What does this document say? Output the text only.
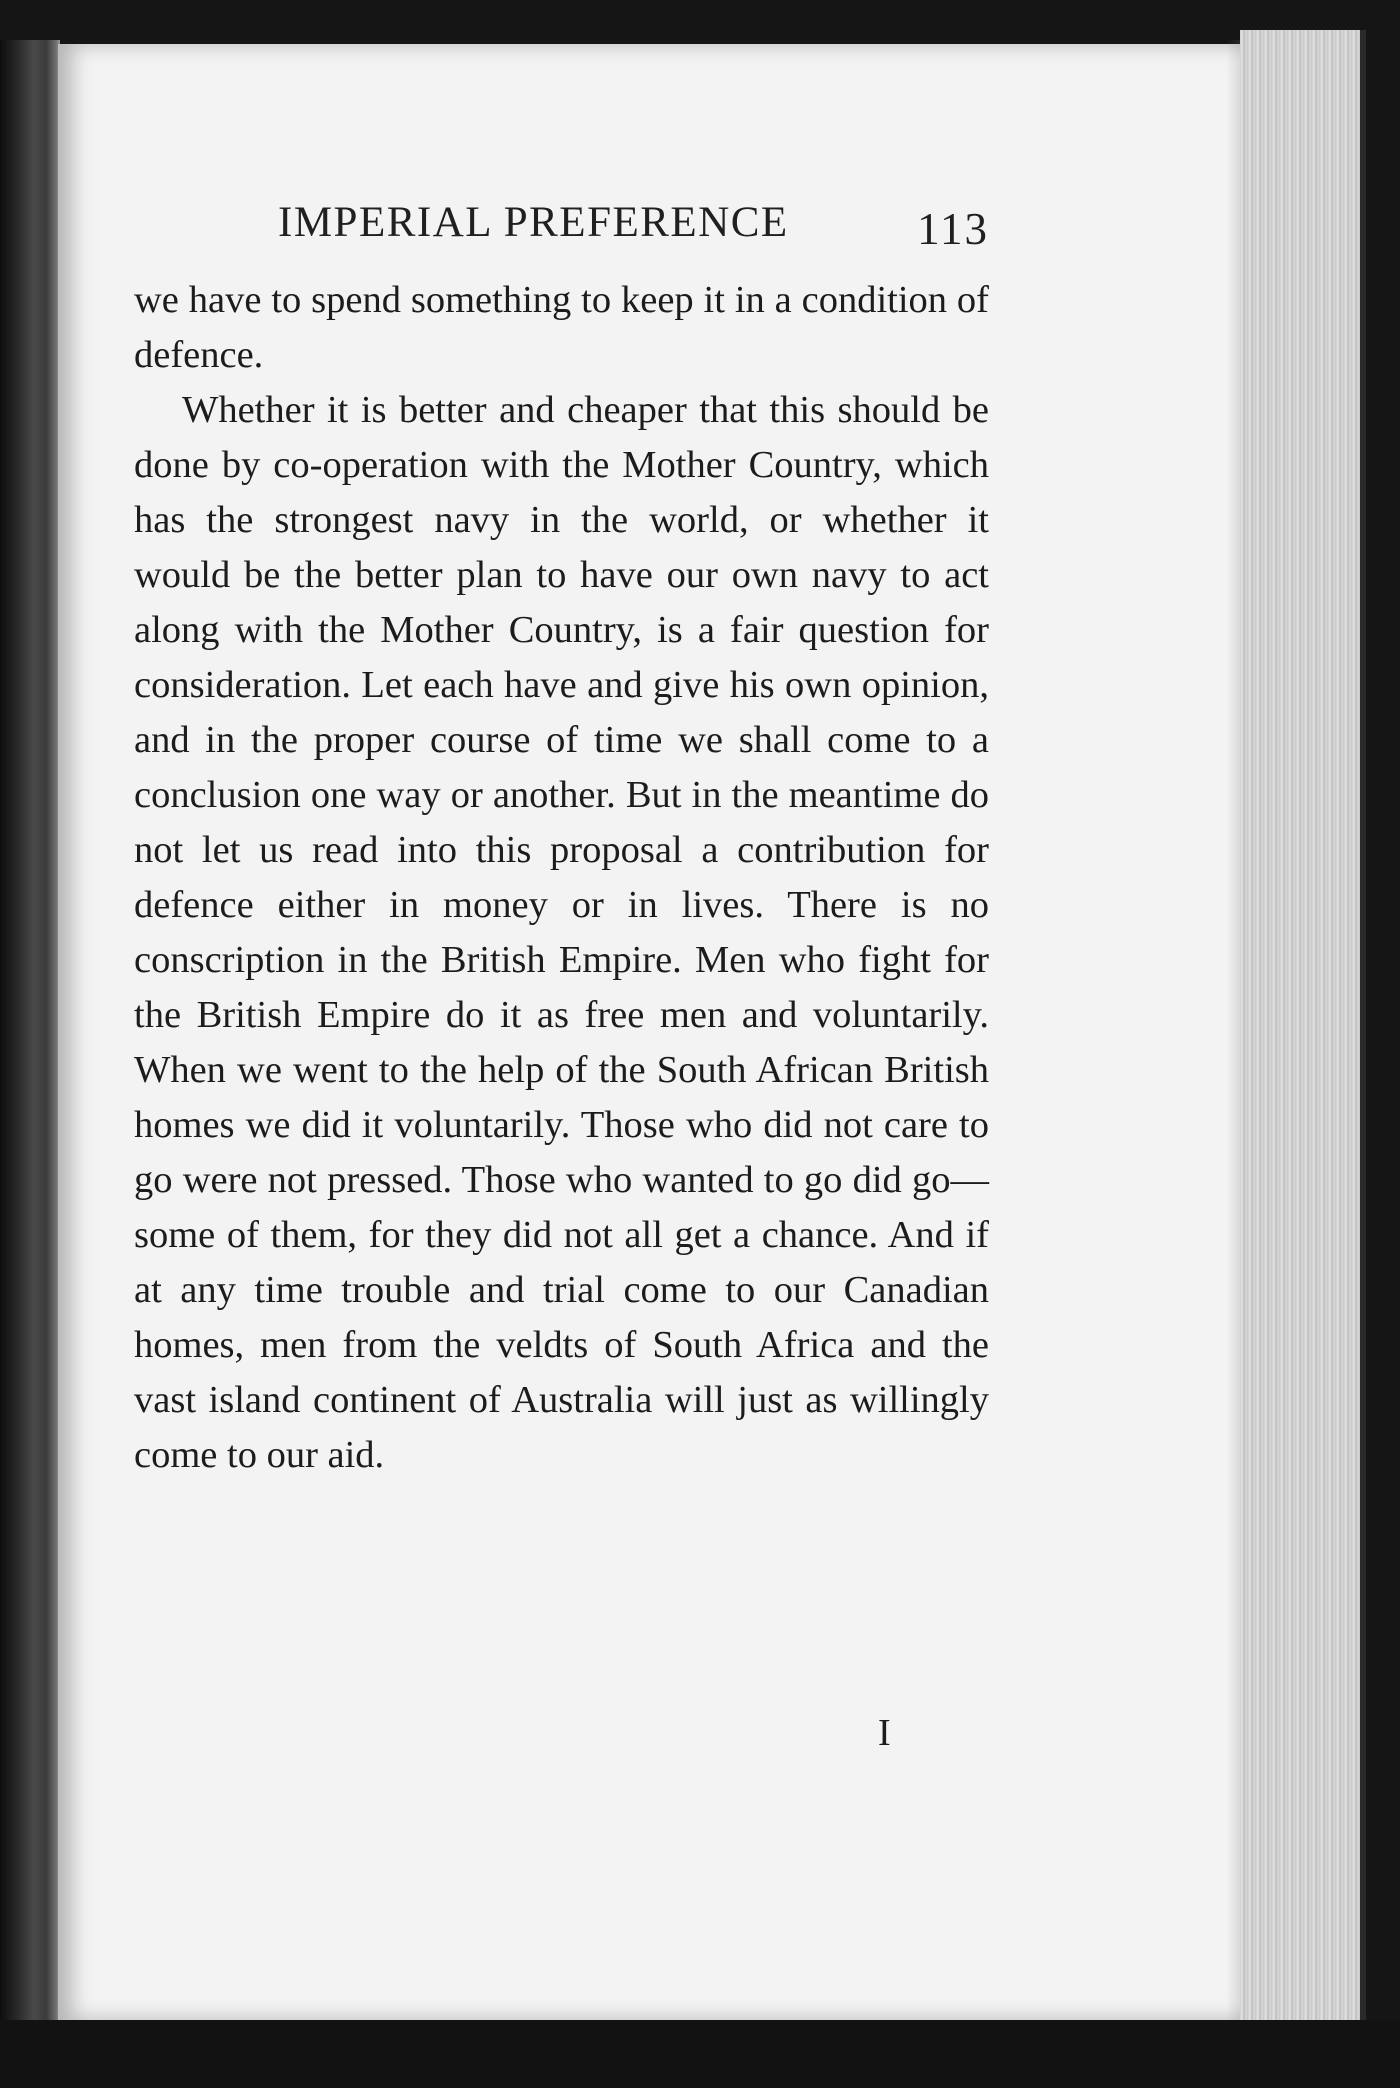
IMPERIAL PREFERENCE	113

we have to spend something to keep it in a condition of defence.

Whether it is better and cheaper that this should be done by co-operation with the Mother Country, which has the strongest navy in the world, or whether it would be the better plan to have our own navy to act along with the Mother Country, is a fair question for consideration. Let each have and give his own opinion, and in the proper course of time we shall come to a conclusion one way or another. But in the meantime do not let us read into this proposal a contribution for defence either in money or in lives. There is no conscription in the British Empire. Men who fight for the British Empire do it as free men and voluntarily. When we went to the help of the South African British homes we did it voluntarily. Those who did not care to go were not pressed. Those who wanted to go did go—some of them, for they did not all get a chance. And if at any time trouble and trial come to our Canadian homes, men from the veldts of South Africa and the vast island continent of Australia will just as willingly come to our aid.

I
